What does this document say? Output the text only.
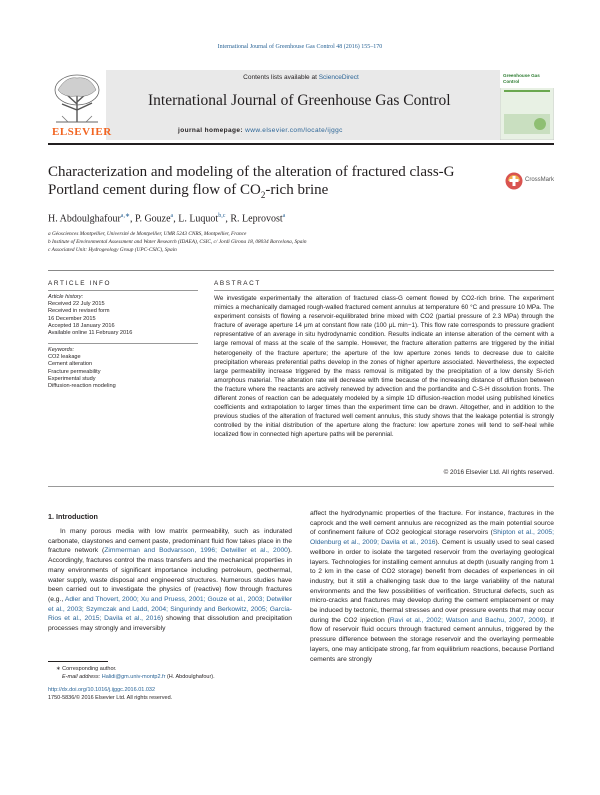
International Journal of Greenhouse Gas Control 48 (2016) 155–170
Contents lists available at ScienceDirect
ELSEVIER
International Journal of Greenhouse Gas Control
journal homepage: www.elsevier.com/locate/ijggc
Greenhouse Gas Control
Characterization and modeling of the alteration of fractured class-G
Portland cement during flow of $CO_2$-rich brine
CrossMark
H. Abdoulghafour$^{a,∗}$, P. Gouze$^a$, L. Luquot$^{b,c}$, R. Leprovost$^a$
a Géosciences Montpellier, Université de Montpellier, UMR 5243 CNRS, Montpellier, France
b Institute of Environmental Assessment and Water Research (IDAEA), CSIC, c/ Jordi Girona 18, 08034 Barcelona, Spain
c Associated Unit: Hydrogeology Group (UPC-CSIC), Spain
ARTICLE INFO
Article history:
Received 22 July 2015
Received in revised form
16 December 2015
Accepted 18 January 2016
Available online 11 February 2016
Keywords:
CO2 leakage
Cement alteration
Fracture permeability
Experimental study
Diffusion-reaction modeling
ABSTRACT
We investigate experimentally the alteration of fractured class-G cement flowed by CO2-rich brine. The experiment mimics a mechanically damaged rough-walled fractured cement annulus at temperature 60 °C and pressure 10 MPa. The experiment consists of flowing a reservoir-equilibrated brine mixed with CO2 (partial pressure of 2.3 MPa) through the fracture of average aperture 14 μm at constant flow rate (100 μL min−1). This flow rate corresponds to pressure gradient representative of an average in situ hydrodynamic condition. Results indicate an intense alteration of the cement with a large removal of mass at the scale of the sample. However, the fracture alteration patterns are triggered by the initial heterogeneity of the fracture aperture; the aperture of the low aperture zones tends to decrease due to calcite precipitation whereas preferential paths develop in the zones of higher aperture associated. Nevertheless, the expected large permeability increase triggered by the mass removal is mitigated by the precipitation of a low density Si-rich amorphous material. The alteration rate will decrease with time because of the increasing distance of diffusion between the fracture where the reactants are actively renewed by advection and the portlandite and C-S-H dissolution fronts. The different zones of reaction can be adequately modeled by a simple 1D diffusion-reaction model using published kinetics coefficients and extrapolation to larger times than the experiment time can be drawn. Altogether, and in addition to the previous studies of the alteration of fractured well cement annulus, this study shows that the leakage potential is strongly controlled by the initial distribution of the aperture along the fracture: low aperture zones will tend to self-heal while localized flow in connected high aperture paths will be perennial.
© 2016 Elsevier Ltd. All rights reserved.
1. Introduction
In many porous media with low matrix permeability, such as indurated carbonate, claystones and cement paste, predominant fluid flow takes place in the fracture network (Zimmerman and Bodvarsson, 1996; Detwiller et al., 2000). Accordingly, fractures control the mass transfers and the mechanical properties in many environments of significant importance including petroleum, geothermal, water supply, waste disposal and engineered structures. Numerous studies have been carried out to investigate the physics of (reactive) flow through fractures (e.g., Adler and Thovert, 2000; Xu and Pruess, 2001; Gouze et al., 2003; Detwiller et al., 2003; Szymczak and Ladd, 2004; Singurindy and Berkowitz, 2005; García-Rios et al., 2015; Davila et al., 2016) showing that dissolution and precipitation processes may strongly and irreversibly
affect the hydrodynamic properties of the fracture. For instance, fractures in the caprock and the well cement annulus are recognized as the main potential source of confinement failure of CO2 geological storage reservoirs (Shipton et al., 2005; Oldenburg et al., 2009; Davila et al., 2016). Cement is usually used to seal cased wellbore in order to isolate the targeted reservoir from the overlaying geological layers. Technologies for installing cement annulus at depth (usually ranging from 1 to 2 km in the case of CO2 storage) benefit from decades of experiences in oil industry, but it still a challenging task due to the large variability of the natural environments and the few possibilities of verification. Structural defects, such as micro-cracks and fractures may develop during the cement emplacement or may be induced by tectonic, thermal stresses and over pressure events that may occur during the CO2 injection (Ravi et al., 2002; Watson and Bachu, 2007, 2009). If flow of reservoir fluid occurs through fractured cement annulus, triggered by the pressure difference between the storage reservoir and the overlaying permeable layers, one may anticipate strong, far from equilibrium reactions, because Portland cements are strongly
∗ Corresponding author.
E-mail address: Halidi@gm.univ-montp2.fr (H. Abdoulghafour).
http://dx.doi.org/10.1016/j.ijggc.2016.01.032
1750-5836/© 2016 Elsevier Ltd. All rights reserved.
